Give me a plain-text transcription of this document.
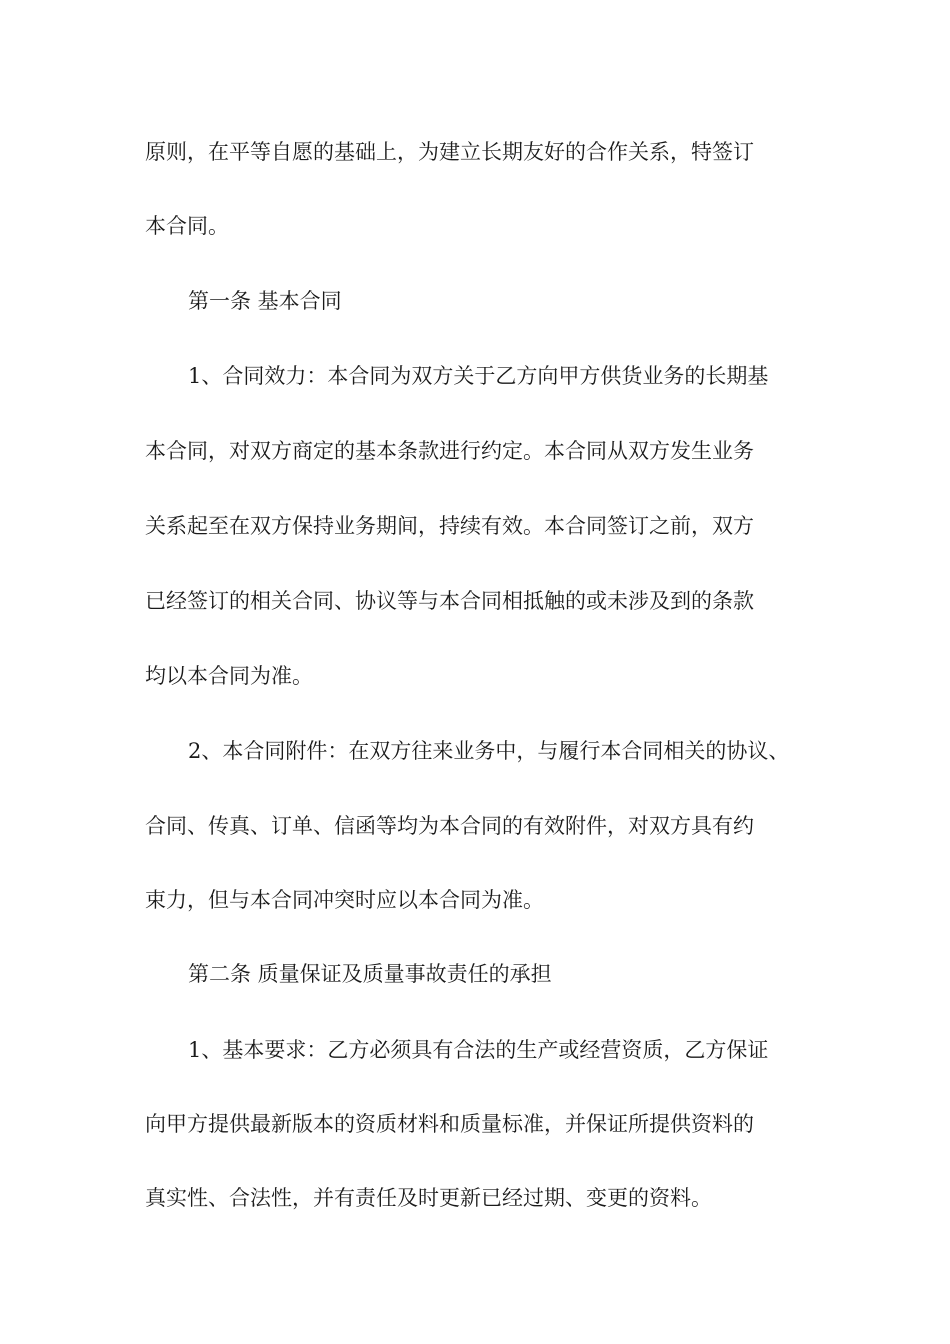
原则，在平等自愿的基础上，为建立长期友好的合作关系，特签订
本合同。
第一条 基本合同
1、合同效力：本合同为双方关于乙方向甲方供货业务的长期基
本合同，对双方商定的基本条款进行约定。本合同从双方发生业务
关系起至在双方保持业务期间，持续有效。本合同签订之前，双方
已经签订的相关合同、协议等与本合同相抵触的或未涉及到的条款
均以本合同为准。
2、本合同附件：在双方往来业务中，与履行本合同相关的协议、
合同、传真、订单、信函等均为本合同的有效附件，对双方具有约
束力，但与本合同冲突时应以本合同为准。
第二条 质量保证及质量事故责任的承担
1、基本要求：乙方必须具有合法的生产或经营资质，乙方保证
向甲方提供最新版本的资质材料和质量标准，并保证所提供资料的
真实性、合法性，并有责任及时更新已经过期、变更的资料。
